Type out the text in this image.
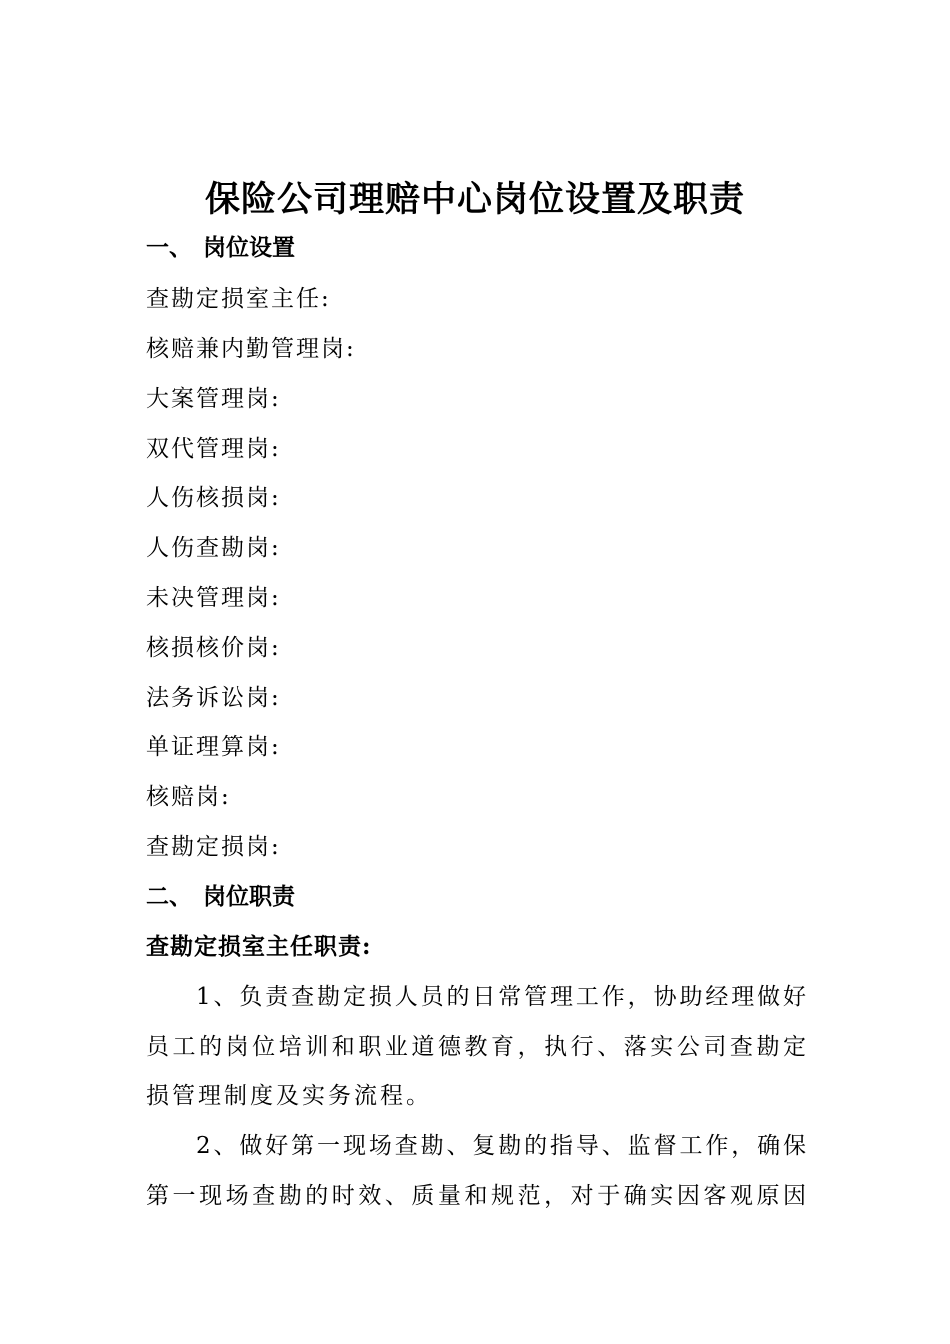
保险公司理赔中心岗位设置及职责
一、 岗位设置
查勘定损室主任:
核赔兼内勤管理岗:
大案管理岗:
双代管理岗:
人伤核损岗:
人伤查勘岗:
未决管理岗:
核损核价岗:
法务诉讼岗:
单证理算岗:
核赔岗:
查勘定损岗:
二、 岗位职责
查勘定损室主任职责:
1、负责查勘定损人员的日常管理工作，协助经理做好
员工的岗位培训和职业道德教育，执行、落实公司查勘定
损管理制度及实务流程。
2、做好第一现场查勘、复勘的指导、监督工作，确保
第一现场查勘的时效、质量和规范，对于确实因客观原因
